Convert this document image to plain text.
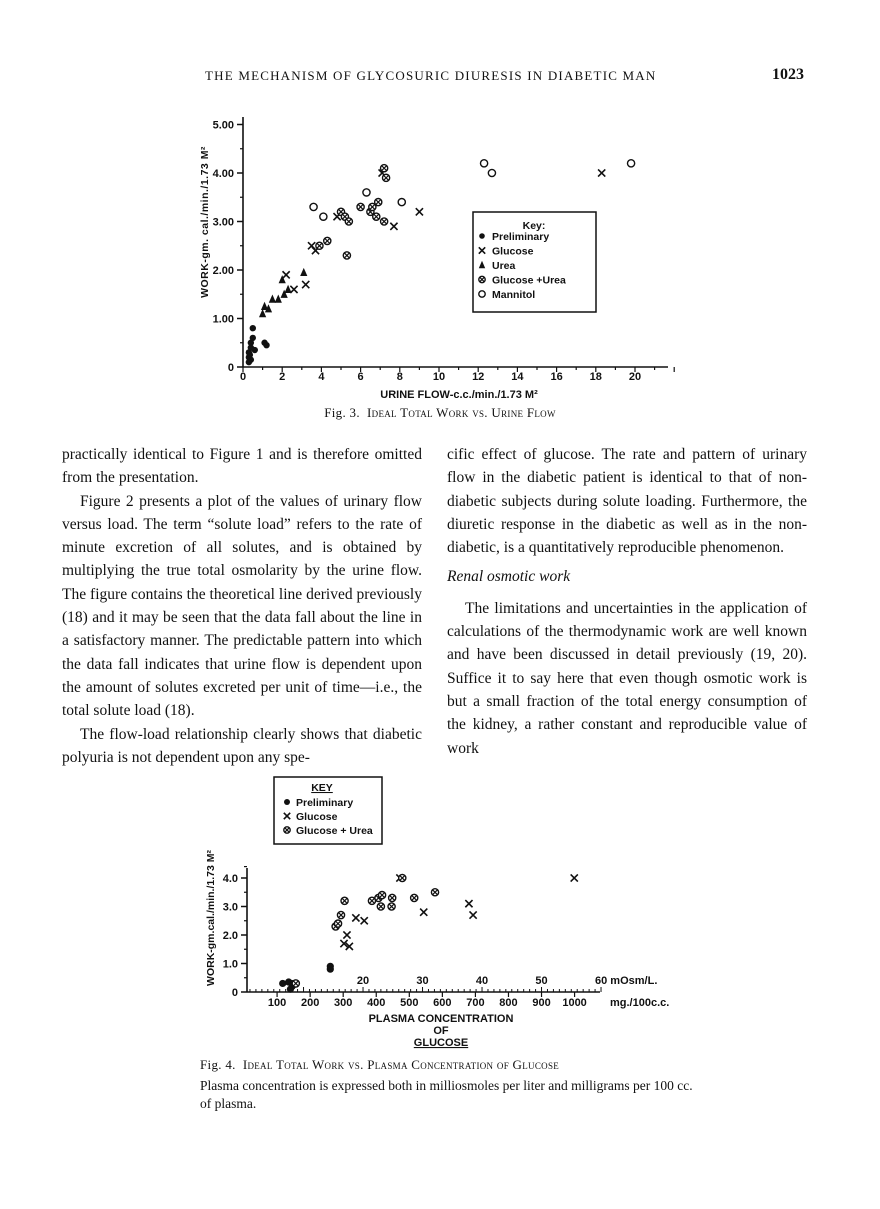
THE MECHANISM OF GLYCOSURIC DIURESIS IN DIABETIC MAN	1023
0
1.00
2.00
3.00
4.00
5.00
0	2	4	6	8	10 12 14 16 18 20
WORK-gm. cal./min./1.73 M²
URINE FLOW-c.c./min./1.73 M²
Key:
Preliminary
Glucose
Urea
Glucose +Urea
Mannitol
Fig. 3. Ideal Total Work vs. Urine Flow

practically identical to Figure 1 and is therefore omitted from the presentation.

Figure 2 presents a plot of the values of urinary flow versus load. The term “solute load” refers to the rate of minute excretion of all solutes, and is obtained by multiplying the true total osmolarity by the urine flow. The figure contains the theoretical line derived previously (18) and it may be seen that the data fall about the line in a satisfactory manner. The predictable pattern into which the data fall indicates that urine flow is dependent upon the amount of solutes excreted per unit of time—i.e., the total solute load (18).

The flow-load relationship clearly shows that diabetic polyuria is not dependent upon any spe-

cific effect of glucose. The rate and pattern of urinary flow in the diabetic patient is identical to that of non-diabetic subjects during solute loading. Furthermore, the diuretic response in the diabetic as well as in the non-diabetic, is a quantitatively reproducible phenomenon.

Renal osmotic work

The limitations and uncertainties in the application of calculations of the thermodynamic work are well known and have been discussed in detail previously (19, 20). Suffice it to say here that even though osmotic work is but a small fraction of the total energy consumption of the kidney, a rather constant and reproducible value of work

KEY
Preliminary
Glucose
Glucose + Urea
0
1.0
2.0
3.0
4.0
20	30	40	50	60 mOsm/L.
100 200 300 400 500 600 700 800 900 1000 mg./100c.c.
WORK-gm.cal./min./1.73 M²
PLASMA CONCENTRATION OF GLUCOSE
Fig. 4. Ideal Total Work vs. Plasma Concentration of Glucose
Plasma concentration is expressed both in milliosmoles per liter and milligrams per 100 cc. of plasma.
